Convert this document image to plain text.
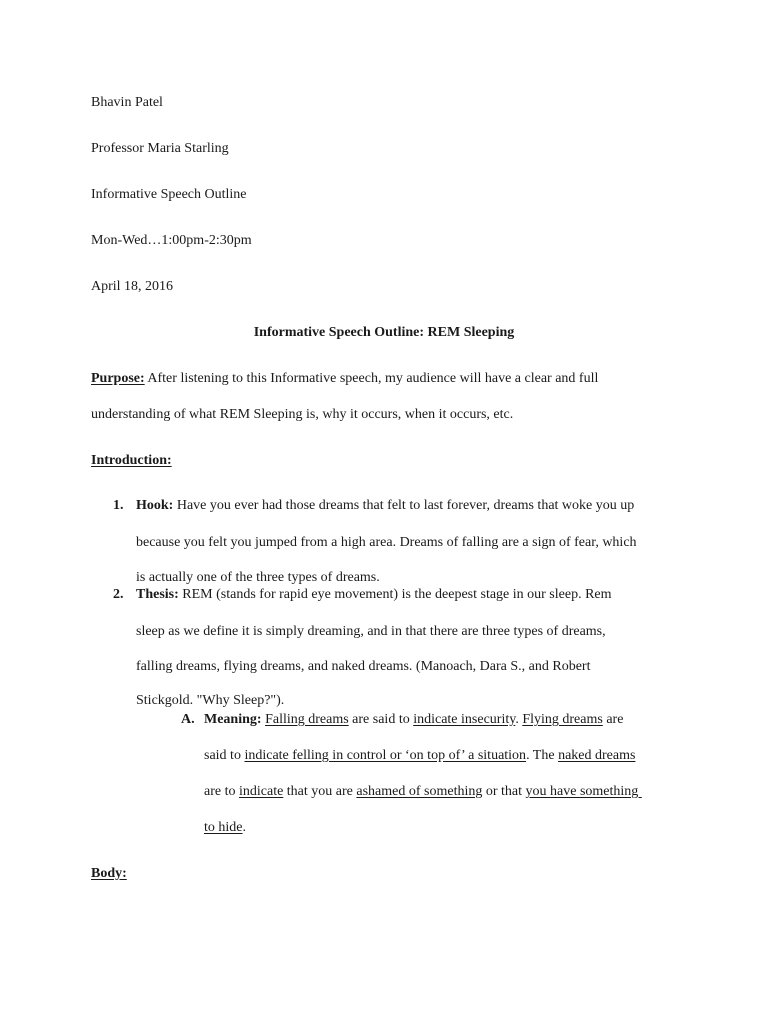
Bhavin Patel
Professor Maria Starling
Informative Speech Outline
Mon-Wed…1:00pm-2:30pm
April 18, 2016
Informative Speech Outline: REM Sleeping
Purpose: After listening to this Informative speech, my audience will have a clear and full
understanding of what REM Sleeping is, why it occurs, when it occurs, etc.
Introduction:
1. Hook: Have you ever had those dreams that felt to last forever, dreams that woke you up
because you felt you jumped from a high area. Dreams of falling are a sign of fear, which
is actually one of the three types of dreams.
2. Thesis: REM (stands for rapid eye movement) is the deepest stage in our sleep. Rem
sleep as we define it is simply dreaming, and in that there are three types of dreams,
falling dreams, flying dreams, and naked dreams. (Manoach, Dara S., and Robert
Stickgold. "Why Sleep?").
A. Meaning: Falling dreams are said to indicate insecurity. Flying dreams are
said to indicate felling in control or ‘on top of’ a situation. The naked dreams
are to indicate that you are ashamed of something or that you have something
to hide.
Body:
